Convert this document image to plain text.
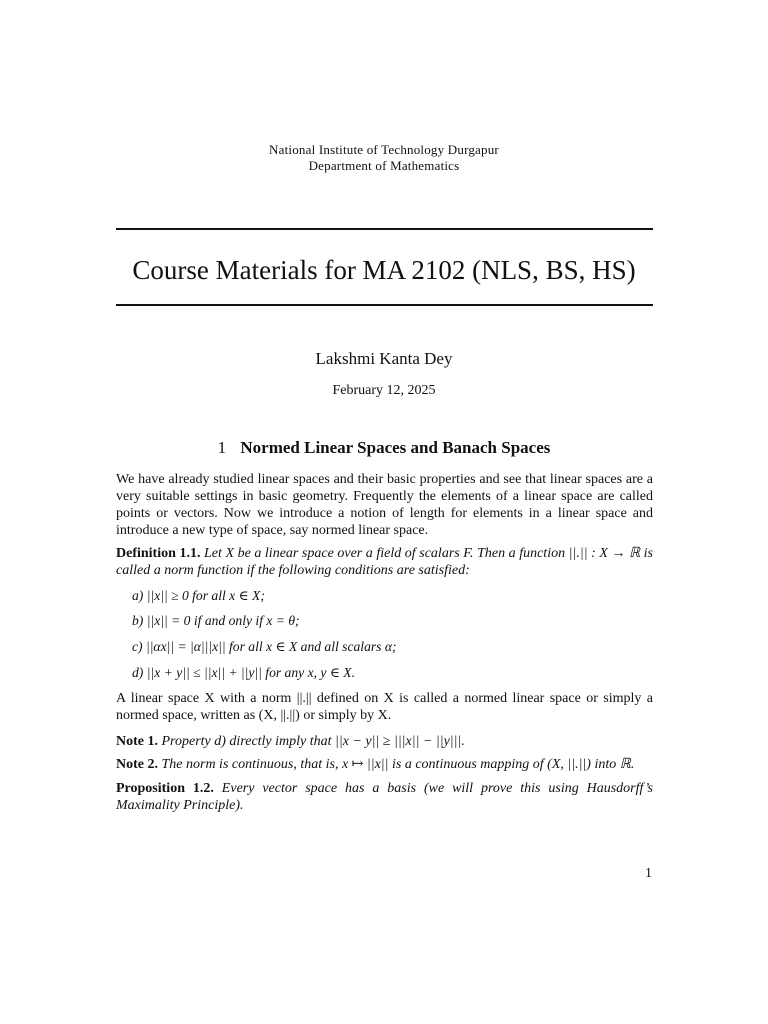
National Institute of Technology Durgapur
Department of Mathematics
Course Materials for MA 2102 (NLS, BS, HS)
Lakshmi Kanta Dey
February 12, 2025
1 Normed Linear Spaces and Banach Spaces
We have already studied linear spaces and their basic properties and see that linear spaces are a very suitable settings in basic geometry. Frequently the elements of a linear space are called points or vectors. Now we introduce a notion of length for elements in a linear space and introduce a new type of space, say normed linear space.
Definition 1.1. Let X be a linear space over a field of scalars F. Then a function ||.|| : X → ℝ is called a norm function if the following conditions are satisfied:
a) ||x|| ≥ 0 for all x ∈ X;
b) ||x|| = 0 if and only if x = θ;
c) ||αx|| = |α|||x|| for all x ∈ X and all scalars α;
d) ||x + y|| ≤ ||x|| + ||y|| for any x, y ∈ X.
A linear space X with a norm ||.|| defined on X is called a normed linear space or simply a normed space, written as (X, ||.||) or simply by X.
Note 1. Property d) directly imply that ||x − y|| ≥ |||x|| − ||y|||.
Note 2. The norm is continuous, that is, x ↦ ||x|| is a continuous mapping of (X, ||.||) into ℝ.
Proposition 1.2. Every vector space has a basis (we will prove this using Hausdorff’s Maximality Principle).
1
